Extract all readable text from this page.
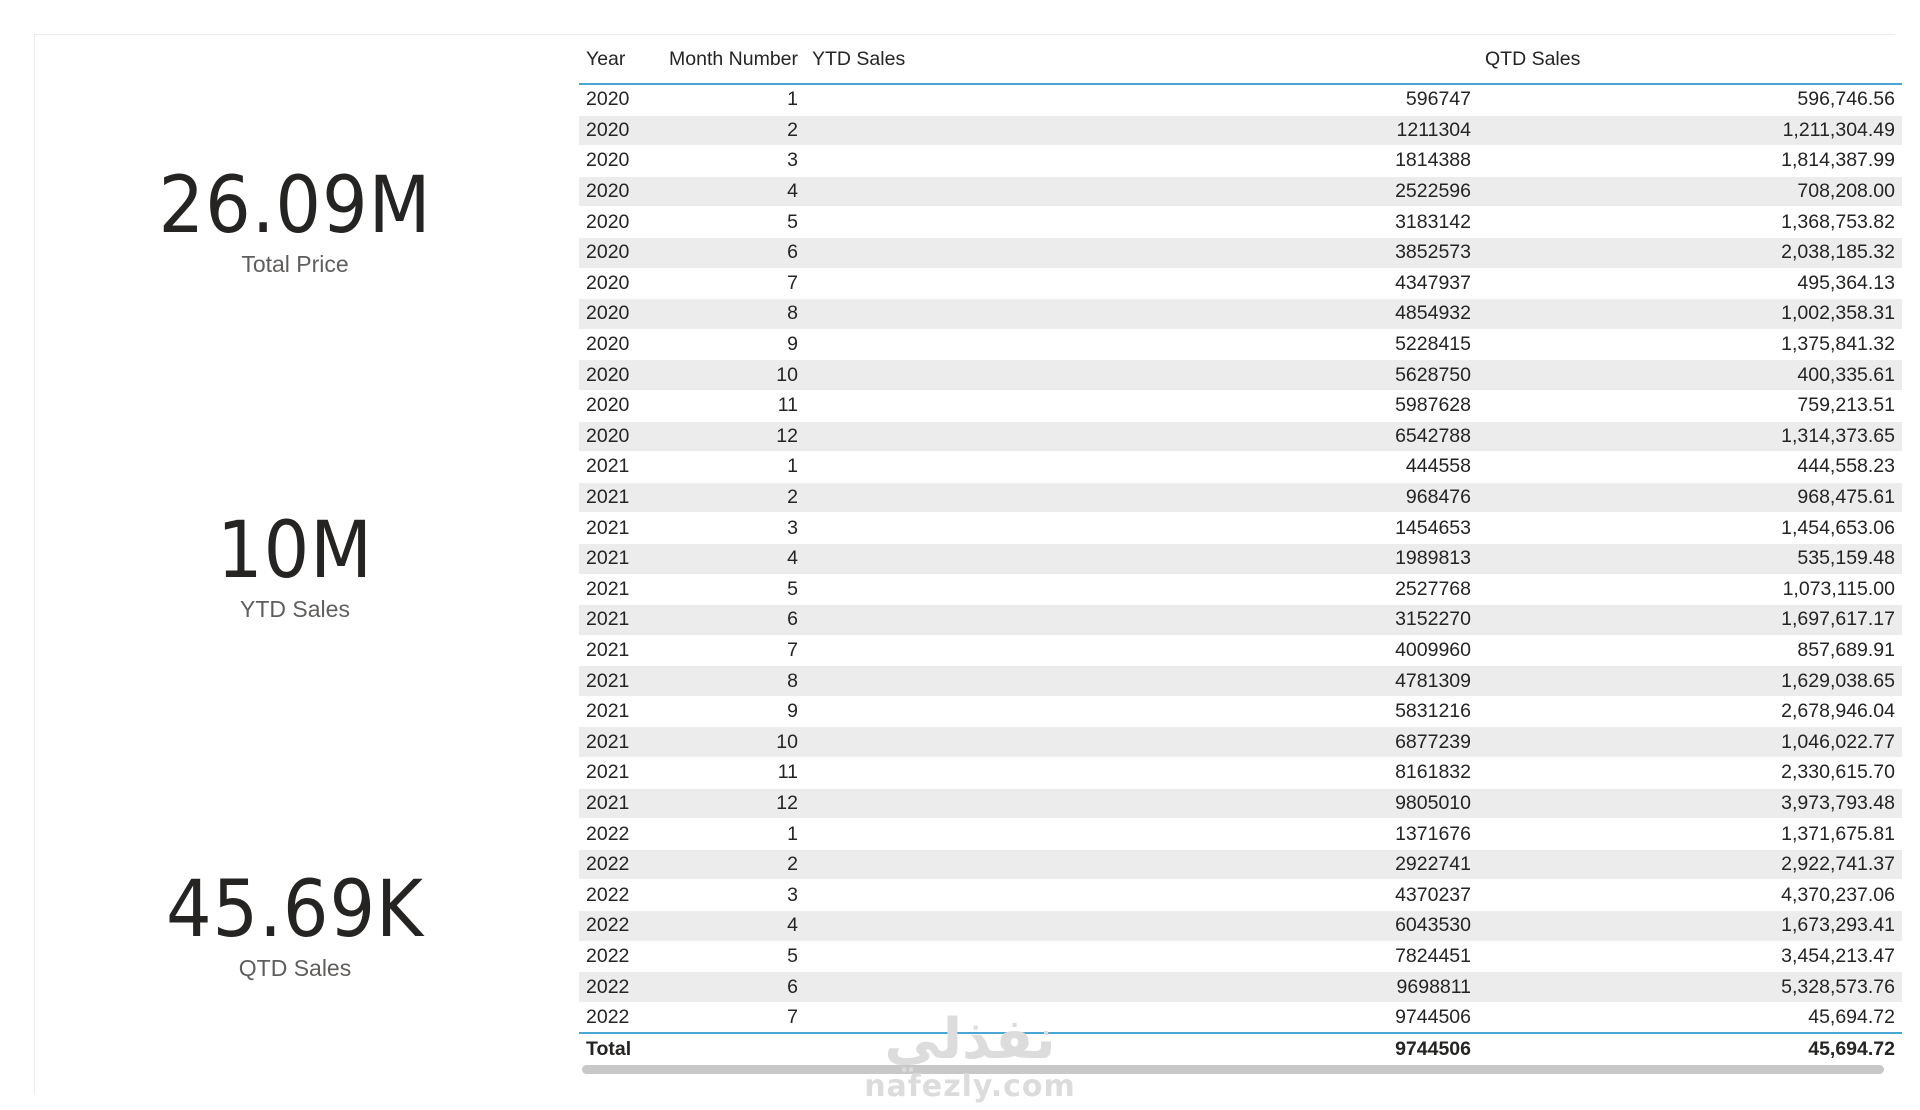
26.09M
Total Price
10M
YTD Sales
45.69K
QTD Sales
Year	Month Number	YTD Sales	QTD Sales
2020	1	596747	596,746.56
2020	2	1211304	1,211,304.49
2020	3	1814388	1,814,387.99
2020	4	2522596	708,208.00
2020	5	3183142	1,368,753.82
2020	6	3852573	2,038,185.32
2020	7	4347937	495,364.13
2020	8	4854932	1,002,358.31
2020	9	5228415	1,375,841.32
2020	10	5628750	400,335.61
2020	11	5987628	759,213.51
2020	12	6542788	1,314,373.65
2021	1	444558	444,558.23
2021	2	968476	968,475.61
2021	3	1454653	1,454,653.06
2021	4	1989813	535,159.48
2021	5	2527768	1,073,115.00
2021	6	3152270	1,697,617.17
2021	7	4009960	857,689.91
2021	8	4781309	1,629,038.65
2021	9	5831216	2,678,946.04
2021	10	6877239	1,046,022.77
2021	11	8161832	2,330,615.70
2021	12	9805010	3,973,793.48
2022	1	1371676	1,371,675.81
2022	2	2922741	2,922,741.37
2022	3	4370237	4,370,237.06
2022	4	6043530	1,673,293.41
2022	5	7824451	3,454,213.47
2022	6	9698811	5,328,573.76
2022	7	9744506	45,694.72
Total		9744506	45,694.72
نفذلي
nafezly.com
